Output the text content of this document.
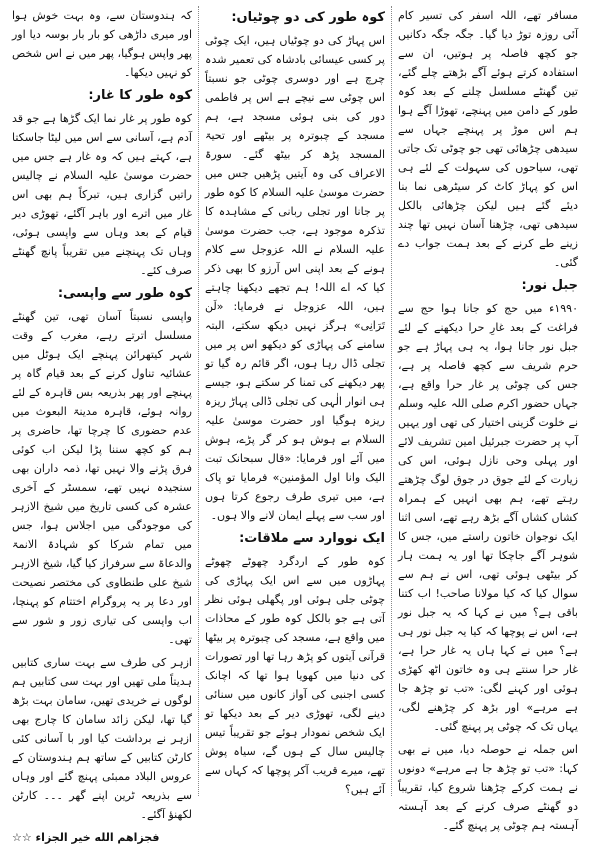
مسافر تھے، اللہ اسفر کی تسیر کام آئی روزہ توڑ دیا گیا۔ جگہ جگہ دکانیں جو کچھ فاصلہ پر ہوتیں، ان سے استفادہ کرتے ہوئے آگے بڑھتے چلے گئے، تین گھنٹے مسلسل چلنے کے بعد کوہ طور کے دامن میں پہنچے، تھوڑا آگے ہوا ہم اس موڑ پر پہنچے جہاں سے سیدھی چڑھائی تھی جو چوٹی تک جاتی تھی، سیاحوں کی سہولت کے لئے ہی اس کو پہاڑ کاٹ کر سیٹرھی نما بنا دیئے گئے ہیں لیکن چڑھائی بالکل سیدھی تھی، چڑھنا آسان نہیں تھا چند زینے طے کرنے کے بعد ہمت جواب دے گئی۔

جبل نور:

۱۹۹۰ء میں حج کو جانا ہوا حج سے فراغت کے بعد غارِ حرا دیکھنے کے لئے جبل نور جانا ہوا، یہ ہی پہاڑ ہے جو حرم شریف سے کچھ فاصلہ پر ہے، جس کی چوٹی پر غار حرا واقع ہے، جہاں حضور اکرم صلی اللہ علیہ وسلم نے خلوت گزینی اختیار کی تھی اور یہیں آپ پر حضرت جبرئیل امین تشریف لائے اور پہلی وحی نازل ہوئی، اس کی زیارت کے لئے جوق در جوق لوگ چڑھتے رہتے تھے، ہم بھی انہیں کے ہمراہ کشاں کشاں آگے بڑھ رہے تھے، اسی اثنا ایک نوجوان خاتون راستے میں، جس کا شوہر آگے جاچکا تھا اور یہ ہمت ہار کر بیٹھی ہوئی تھی، اس نے ہم سے سوال کیا کہ کیا مولانا صاحب! اب کتنا باقی ہے؟ میں نے کہا کہ یہ جبل نور ہے، اس نے پوچھا کہ کیا یہ جبل نور ہی ہے؟ میں نے کہا ہاں یہ غار حرا ہے، غار حرا سنتے ہی وہ خاتون اٹھ کھڑی ہوئی اور کہنے لگی: «تب تو چڑھ جا ہے مرہے» اور بڑھ کر چڑھنے لگی، یہاں تک کہ چوٹی پر پہنچ گئی۔

اس جملہ نے حوصلہ دیا، میں نے بھی کہا: «تب تو چڑھ جا ہے مرہے» دونوں نے ہمت کرکے چڑھنا شروع کیا، تقریباً دو گھنٹے صرف کرنے کے بعد آہستہ آہستہ ہم چوٹی پر پہنچ گئے۔

کوہ طور کی دو چوٹیاں:

اس پہاڑ کی دو چوٹیاں ہیں، ایک چوٹی پر کسی عیسائی بادشاہ کی تعمیر شدہ چرچ ہے اور دوسری چوٹی جو نسبتاً اس چوٹی سے نیچے ہے اس پر فاطمی دور کی بنی ہوئی مسجد ہے، ہم مسجد کے چبوترہ پر بیٹھے اور تحیۃ المسجد پڑھ کر بیٹھ گئے۔ سورۃ الاعراف کی وہ آیتیں پڑھیں جس میں حضرت موسیٰ علیہ السلام کا کوہ طور پر جانا اور تجلی ربانی کے مشاہدہ کا تذکرہ موجود ہے، جب حضرت موسیٰ علیہ السلام نے اللہ عزوجل سے کلام ہونے کے بعد اپنی اس آرزو کا بھی ذکر کیا کہ اے اللہ! ہم تجھے دیکھنا چاہتے ہیں، اللہ عزوجل نے فرمایا: «لَن تَرَانِی» ہرگز نہیں دیکھ سکتے، البتہ سامنے کی پہاڑی کو دیکھو اس پر میں تجلی ڈال رہا ہوں، اگر قائم رہ گیا تو پھر دیکھنے کی تمنا کر سکتے ہو، جیسے ہی انوار الٰہی کی تجلی ڈالی پہاڑ ریزہ ریزہ ہوگیا اور حضرت موسیٰ علیہ السلام بے ہوش ہو کر گر پڑے، ہوش میں آئے اور فرمایا: «قال سبحانک تبت الیک وانا اول المؤمنین» فرمایا تو پاک ہے، میں تیری طرف رجوع کرتا ہوں اور سب سے پہلے ایمان لانے والا ہوں۔

ایک نووارد سے ملاقات:

کوہ طور کے اردگرد چھوٹے چھوٹے پہاڑوں میں سے اس ایک پہاڑی کی چوٹی جلی ہوئی اور پگھلی ہوئی نظر آتی ہے جو بالکل کوہ طور کے محاذات میں واقع ہے، مسجد کی چبوترہ پر بیٹھا قرآنی آیتوں کو پڑھ رہا تھا اور تصورات کی دنیا میں کھویا ہوا تھا کہ اچانک کسی اجنبی کی آواز کانوں میں سنائی دینے لگی، تھوڑی دیر کے بعد دیکھا تو ایک شخص نمودار ہوئے جو تقریباً تیس چالیس سال کے ہوں گے، سیاہ پوش تھے، میرے قریب آکر پوچھا کہ کہاں سے آئے ہیں؟

کہ ہندوستان سے، وہ بہت خوش ہوا اور میری داڑھی کو بار بار بوسہ دیا اور پھر واپس ہوگیا، پھر میں نے اس شخص کو نہیں دیکھا۔

کوہ طور کا غار:

کوہ طور پر غار نما ایک گڑھا ہے جو قد آدم ہے، آسانی سے اس میں لیٹا جاسکتا ہے، کہتے ہیں کہ وہ غار ہے جس میں حضرت موسیٰ علیہ السلام نے چالیس راتیں گزاری ہیں، تبرکاً ہم بھی اس غار میں اترے اور باہر آگئے، تھوڑی دیر قیام کے بعد وہاں سے واپسی ہوئی، وہاں تک پہنچنے میں تقریباً پانچ گھنٹے صرف کئے۔

کوہ طور سے واپسی:

واپسی نسبتاً آسان تھی، تین گھنٹے مسلسل اترتے رہے، مغرب کے وقت شہر کیتھرائن پہنچے ایک ہوٹل میں عشائیہ تناول کرنے کے بعد قیام گاہ پر پہنچے اور پھر بذریعہ بس قاہرہ کے لئے روانہ ہوئے، قاہرہ مدینۃ البعوث میں عدم حضوری کا چرچا تھا، حاضری پر ہم کو کچھ سننا پڑا لیکن اب کوئی فرق پڑنے والا نہیں تھا، ذمہ داران بھی سنجیدہ نہیں تھے، سمسٹر کے آخری عشرہ کی کسی تاریخ میں شیخ الازہر کی موجودگی میں اجلاس ہوا، جس میں تمام شرکا کو شہادۃ الانمۃ والدعاۃ سے سرفراز کیا گیا، شیخ الازہر شیخ علی طنطاوی کی مختصر نصیحت اور دعا پر یہ پروگرام اختتام کو پہنچا، اب واپسی کی تیاری زور و شور سے تھی۔

ازہر کی طرف سے بہت ساری کتابیں ہدیتاً ملی تھیں اور بہت سی کتابیں ہم لوگوں نے خریدی تھیں، سامان بہت بڑھ گیا تھا، لیکن زائد سامان کا چارج بھی ازہر نے برداشت کیا اور با آسانی کئی کارٹن کتابیں کے ساتھ ہم ہندوستان کے عروس البلاد ممبئی پہنچ گئے اور وہاں سے بذریعہ ٹرین اپنے گھر ۔۔۔ کارٹن لکھنؤ آگئے۔

فجزاهم الله خير الجزاء ☆☆
